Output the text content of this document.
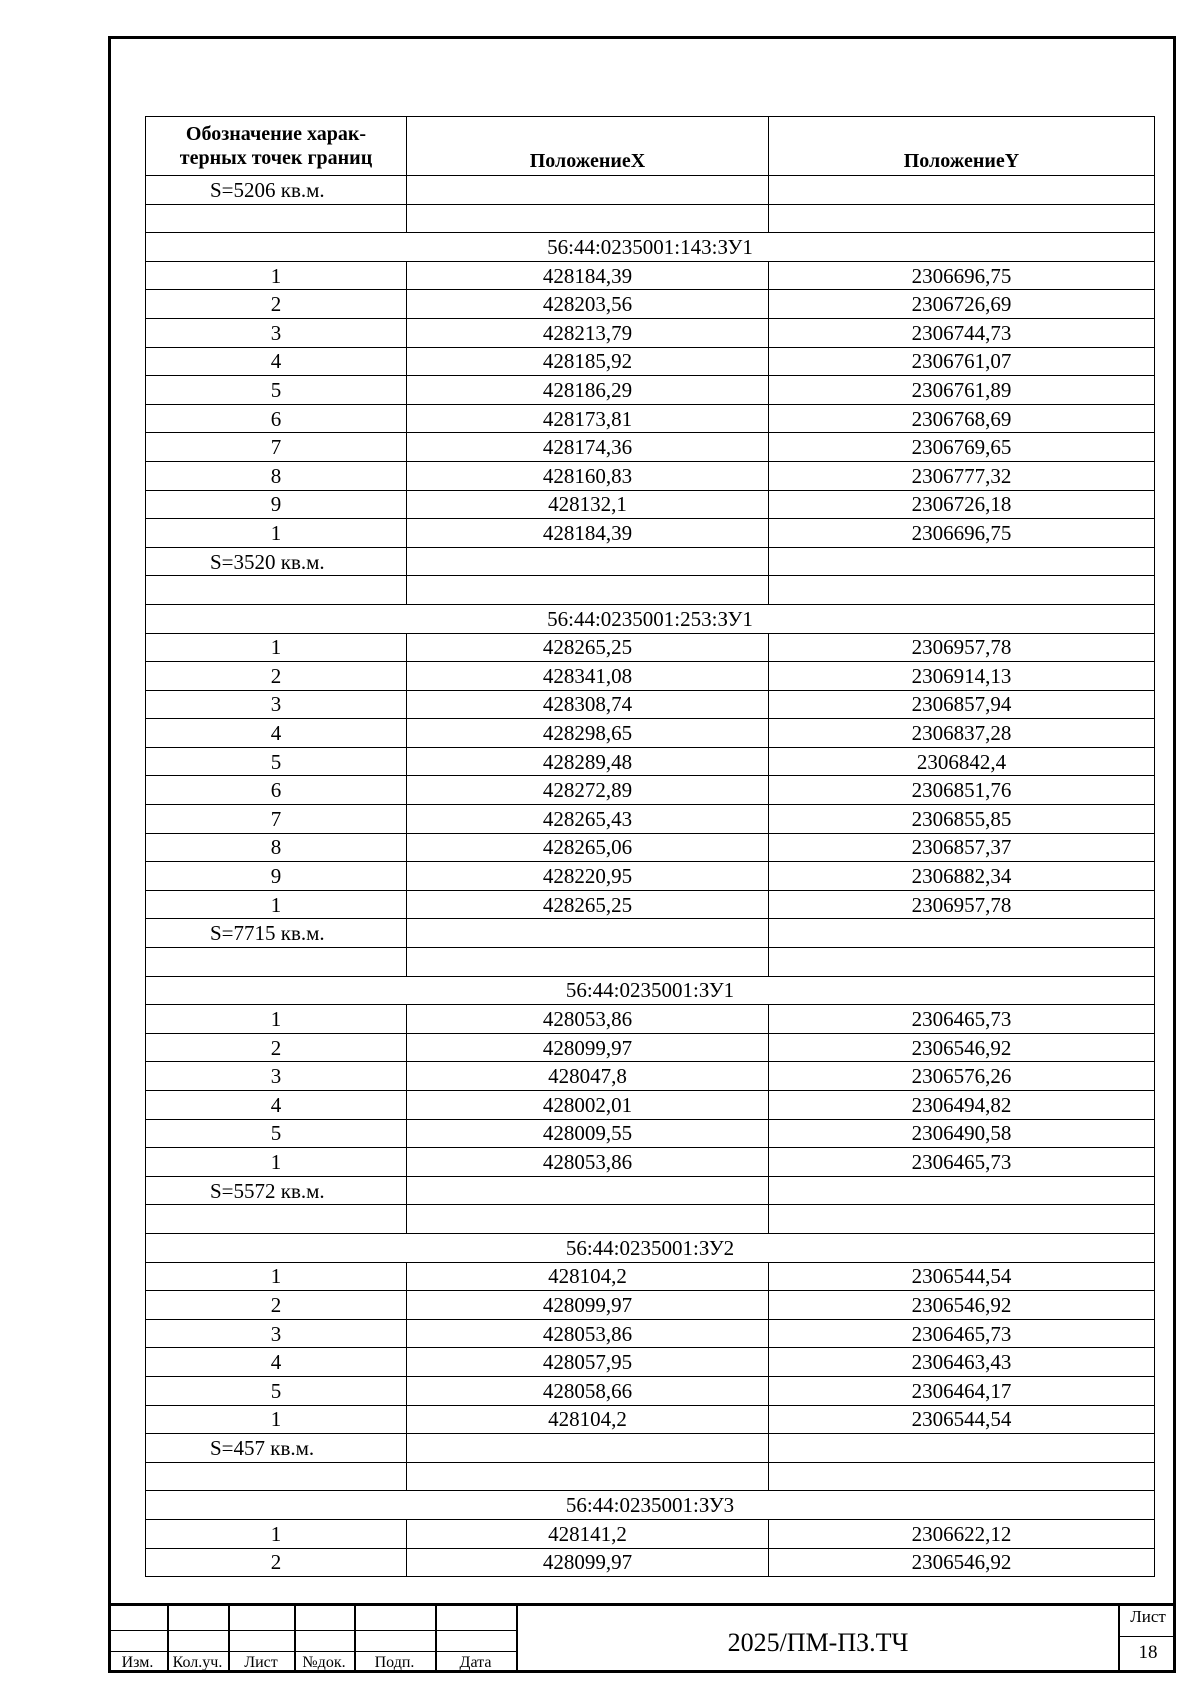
Обозначение харак-
терных точек границ	ПоложениеX	ПоложениеY
S=5206 кв.м.		

56:44:0235001:143:ЗУ1		
1	428184,39	2306696,75
2	428203,56	2306726,69
3	428213,79	2306744,73
4	428185,92	2306761,07
5	428186,29	2306761,89
6	428173,81	2306768,69
7	428174,36	2306769,65
8	428160,83	2306777,32
9	428132,1	2306726,18
1	428184,39	2306696,75
S=3520 кв.м.		

56:44:0235001:253:ЗУ1		
1	428265,25	2306957,78
2	428341,08	2306914,13
3	428308,74	2306857,94
4	428298,65	2306837,28
5	428289,48	2306842,4
6	428272,89	2306851,76
7	428265,43	2306855,85
8	428265,06	2306857,37
9	428220,95	2306882,34
1	428265,25	2306957,78
S=7715 кв.м.		

56:44:0235001:ЗУ1		
1	428053,86	2306465,73
2	428099,97	2306546,92
3	428047,8	2306576,26
4	428002,01	2306494,82
5	428009,55	2306490,58
1	428053,86	2306465,73
S=5572 кв.м.		

56:44:0235001:ЗУ2		
1	428104,2	2306544,54
2	428099,97	2306546,92
3	428053,86	2306465,73
4	428057,95	2306463,43
5	428058,66	2306464,17
1	428104,2	2306544,54
S=457 кв.м.		

56:44:0235001:ЗУ3		
1	428141,2	2306622,12
2	428099,97	2306546,92
Изм.	Кол.уч.	Лист	№док.	Подп.	Дата
2025/ПМ-ПЗ.ТЧ
Лист
18
